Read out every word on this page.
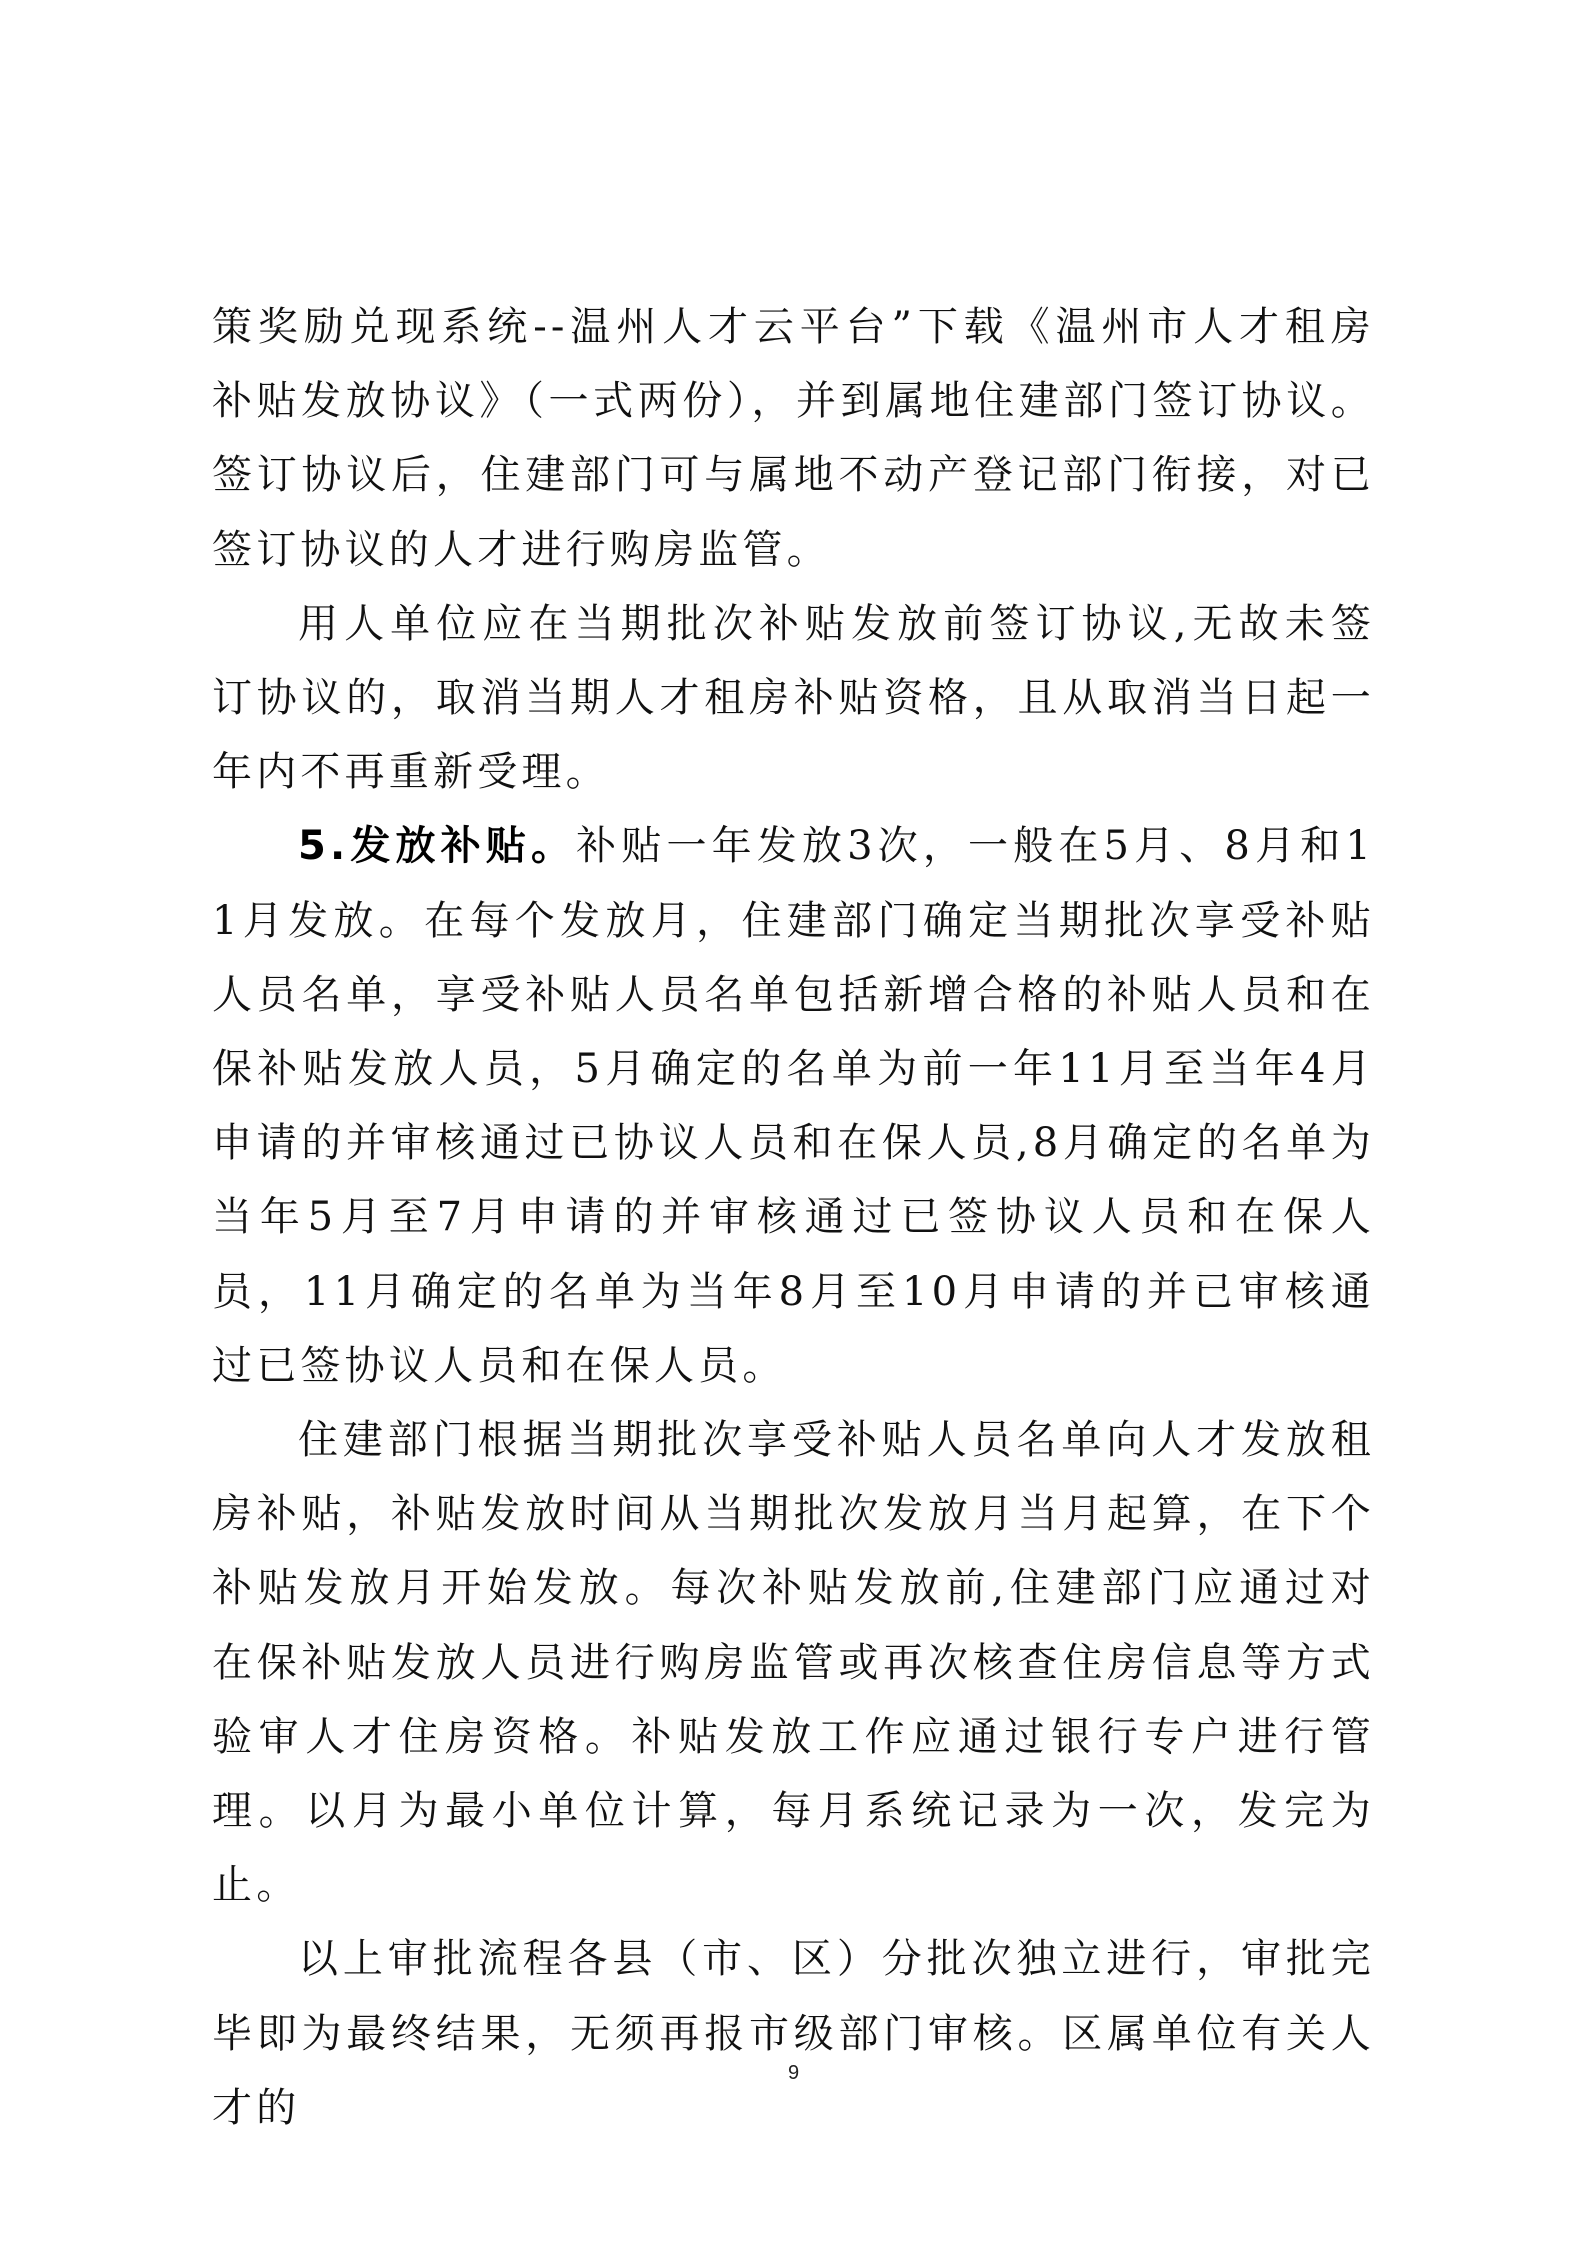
策奖励兑现系统--温州人才云平台”下载《温州市人才租房补贴发放协议》（一式两份），并到属地住建部门签订协议。签订协议后，住建部门可与属地不动产登记部门衔接，对已签订协议的人才进行购房监管。

用人单位应在当期批次补贴发放前签订协议,无故未签订协议的，取消当期人才租房补贴资格，且从取消当日起一年内不再重新受理。

5.发放补贴。补贴一年发放3次，一般在5月、8月和11月发放。在每个发放月，住建部门确定当期批次享受补贴人员名单，享受补贴人员名单包括新增合格的补贴人员和在保补贴发放人员，5月确定的名单为前一年11月至当年4月申请的并审核通过已协议人员和在保人员,8月确定的名单为当年5月至7月申请的并审核通过已签协议人员和在保人员，11月确定的名单为当年8月至10月申请的并已审核通过已签协议人员和在保人员。

住建部门根据当期批次享受补贴人员名单向人才发放租房补贴，补贴发放时间从当期批次发放月当月起算，在下个补贴发放月开始发放。每次补贴发放前,住建部门应通过对在保补贴发放人员进行购房监管或再次核查住房信息等方式验审人才住房资格。补贴发放工作应通过银行专户进行管理。以月为最小单位计算，每月系统记录为一次，发完为止。

以上审批流程各县（市、区）分批次独立进行，审批完毕即为最终结果，无须再报市级部门审核。区属单位有关人才的

9
